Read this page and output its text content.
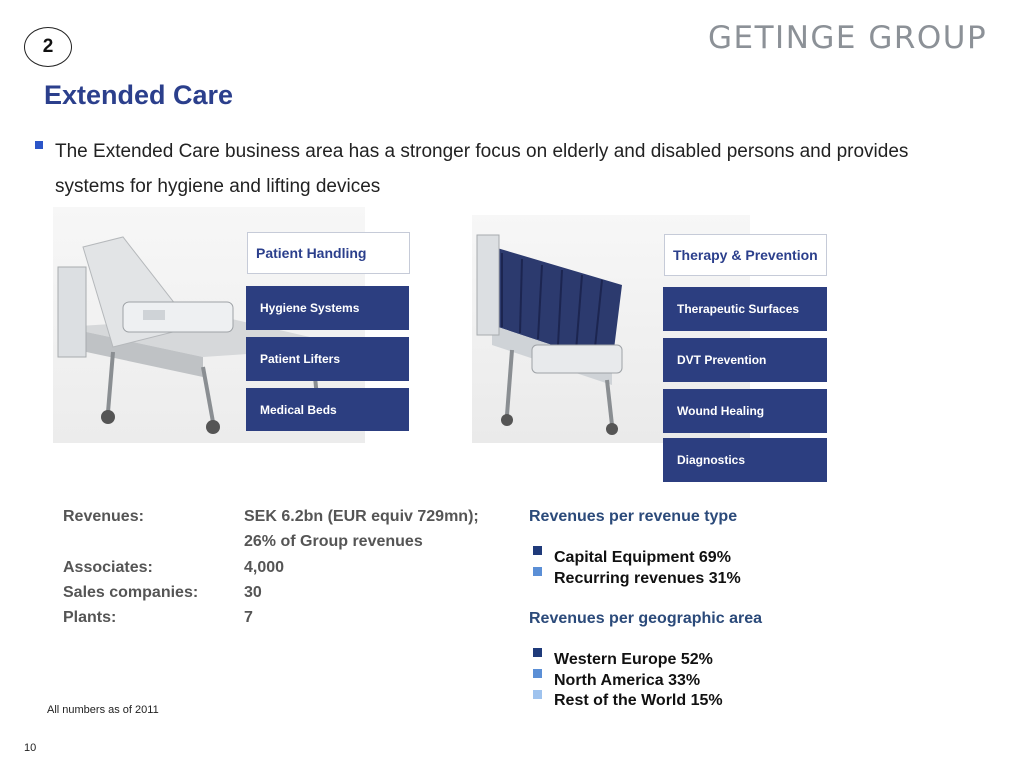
2	GETINGE GROUP
Extended Care
The Extended Care business area has a stronger focus on elderly and disabled persons and provides systems for hygiene and lifting devices
Patient Handling
Hygiene Systems
Patient Lifters
Medical Beds
Therapy & Prevention
Therapeutic Surfaces
DVT Prevention
Wound Healing
Diagnostics
Revenues:	SEK 6.2bn (EUR equiv 729mn);
26% of Group revenues
Associates:	4,000
Sales companies:	30
Plants:	7
Revenues per revenue type
Capital Equipment 69%
Recurring revenues 31%
Revenues per geographic area
Western Europe 52%
North America 33%
Rest of the World 15%
All numbers as of 2011
10
